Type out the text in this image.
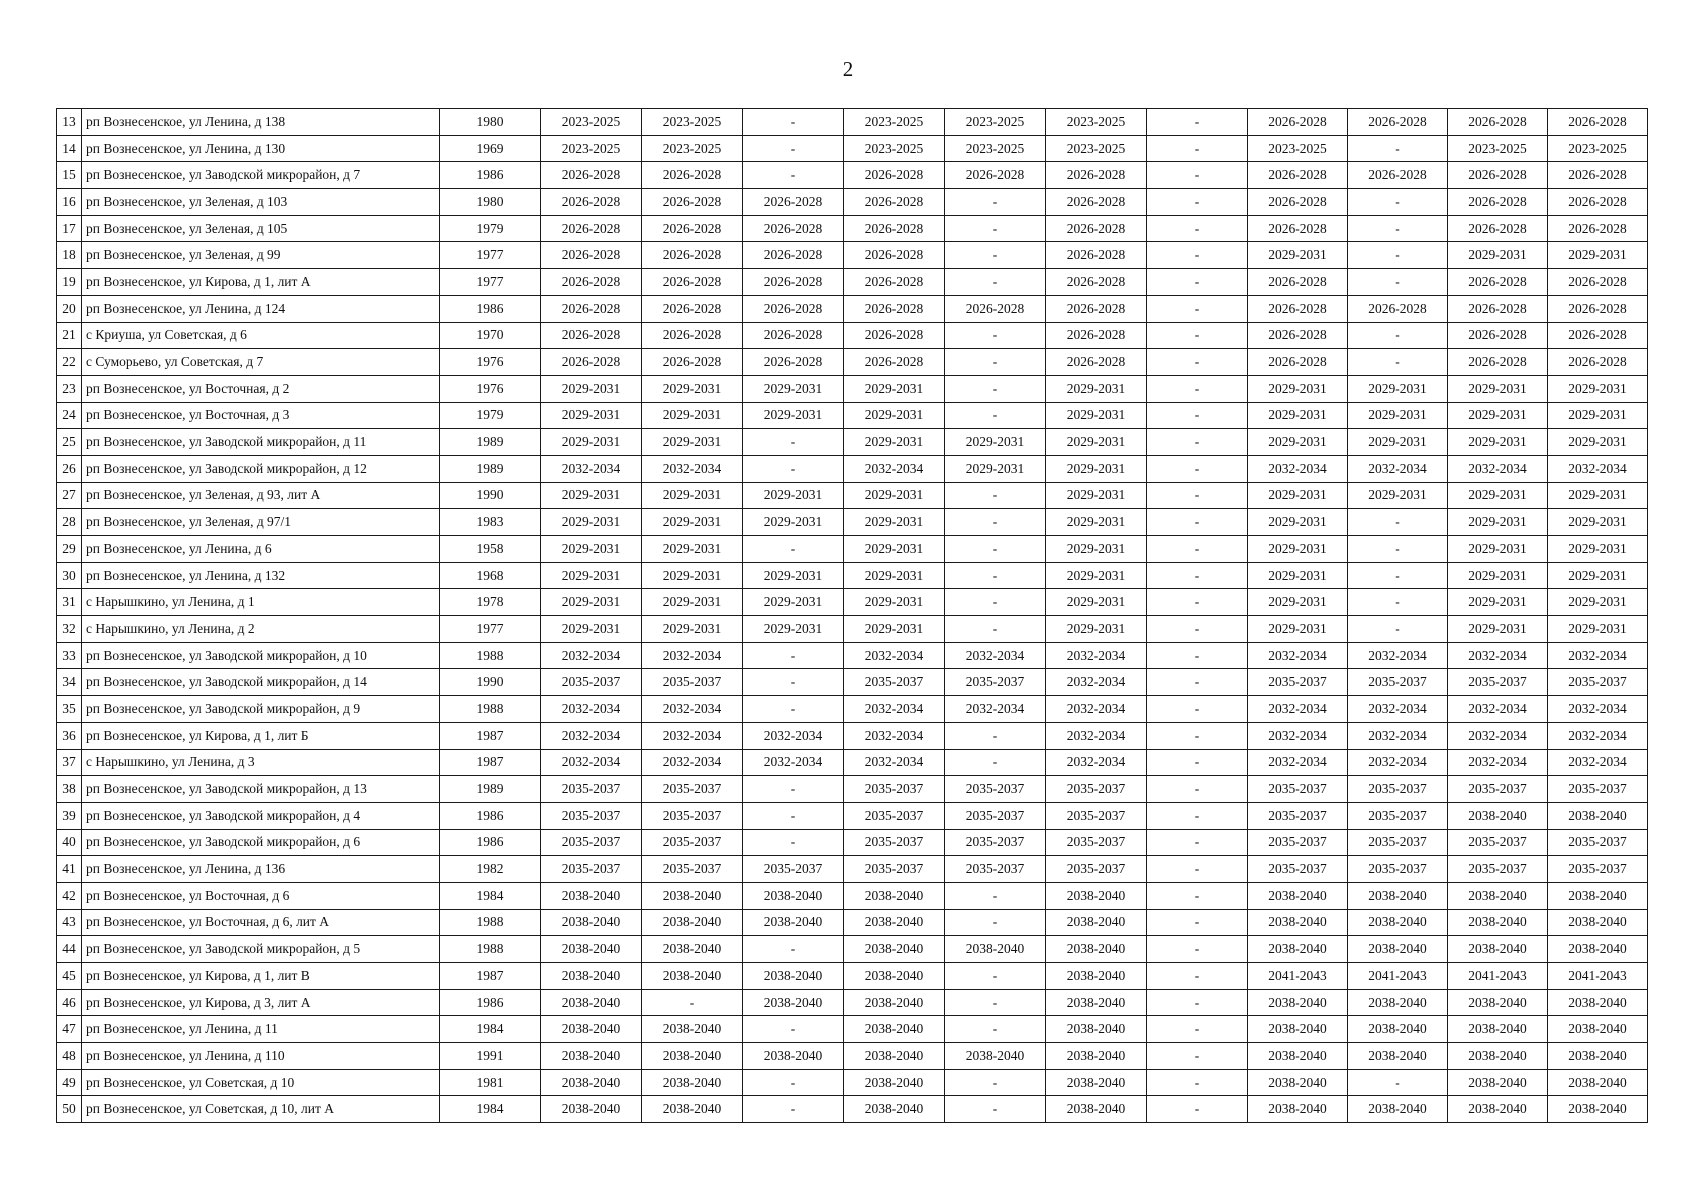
2
13	рп Вознесенское, ул Ленина, д 138	1980	2023-2025	2023-2025	-	2023-2025	2023-2025	2023-2025	-	2026-2028	2026-2028	2026-2028	2026-2028
14	рп Вознесенское, ул Ленина, д 130	1969	2023-2025	2023-2025	-	2023-2025	2023-2025	2023-2025	-	2023-2025	-	2023-2025	2023-2025
15	рп Вознесенское, ул Заводской микрорайон, д 7	1986	2026-2028	2026-2028	-	2026-2028	2026-2028	2026-2028	-	2026-2028	2026-2028	2026-2028	2026-2028
16	рп Вознесенское, ул Зеленая, д 103	1980	2026-2028	2026-2028	2026-2028	2026-2028	-	2026-2028	-	2026-2028	-	2026-2028	2026-2028
17	рп Вознесенское, ул Зеленая, д 105	1979	2026-2028	2026-2028	2026-2028	2026-2028	-	2026-2028	-	2026-2028	-	2026-2028	2026-2028
18	рп Вознесенское, ул Зеленая, д 99	1977	2026-2028	2026-2028	2026-2028	2026-2028	-	2026-2028	-	2029-2031	-	2029-2031	2029-2031
19	рп Вознесенское, ул Кирова, д 1, лит А	1977	2026-2028	2026-2028	2026-2028	2026-2028	-	2026-2028	-	2026-2028	-	2026-2028	2026-2028
20	рп Вознесенское, ул Ленина, д 124	1986	2026-2028	2026-2028	2026-2028	2026-2028	2026-2028	2026-2028	-	2026-2028	2026-2028	2026-2028	2026-2028
21	с Криуша, ул Советская, д 6	1970	2026-2028	2026-2028	2026-2028	2026-2028	-	2026-2028	-	2026-2028	-	2026-2028	2026-2028
22	с Суморьево, ул Советская, д 7	1976	2026-2028	2026-2028	2026-2028	2026-2028	-	2026-2028	-	2026-2028	-	2026-2028	2026-2028
23	рп Вознесенское, ул Восточная, д 2	1976	2029-2031	2029-2031	2029-2031	2029-2031	-	2029-2031	-	2029-2031	2029-2031	2029-2031	2029-2031
24	рп Вознесенское, ул Восточная, д 3	1979	2029-2031	2029-2031	2029-2031	2029-2031	-	2029-2031	-	2029-2031	2029-2031	2029-2031	2029-2031
25	рп Вознесенское, ул Заводской микрорайон, д 11	1989	2029-2031	2029-2031	-	2029-2031	2029-2031	2029-2031	-	2029-2031	2029-2031	2029-2031	2029-2031
26	рп Вознесенское, ул Заводской микрорайон, д 12	1989	2032-2034	2032-2034	-	2032-2034	2029-2031	2029-2031	-	2032-2034	2032-2034	2032-2034	2032-2034
27	рп Вознесенское, ул Зеленая, д 93, лит А	1990	2029-2031	2029-2031	2029-2031	2029-2031	-	2029-2031	-	2029-2031	2029-2031	2029-2031	2029-2031
28	рп Вознесенское, ул Зеленая, д 97/1	1983	2029-2031	2029-2031	2029-2031	2029-2031	-	2029-2031	-	2029-2031	-	2029-2031	2029-2031
29	рп Вознесенское, ул Ленина, д 6	1958	2029-2031	2029-2031	-	2029-2031	-	2029-2031	-	2029-2031	-	2029-2031	2029-2031
30	рп Вознесенское, ул Ленина, д 132	1968	2029-2031	2029-2031	2029-2031	2029-2031	-	2029-2031	-	2029-2031	-	2029-2031	2029-2031
31	с Нарышкино, ул Ленина, д 1	1978	2029-2031	2029-2031	2029-2031	2029-2031	-	2029-2031	-	2029-2031	-	2029-2031	2029-2031
32	с Нарышкино, ул Ленина, д 2	1977	2029-2031	2029-2031	2029-2031	2029-2031	-	2029-2031	-	2029-2031	-	2029-2031	2029-2031
33	рп Вознесенское, ул Заводской микрорайон, д 10	1988	2032-2034	2032-2034	-	2032-2034	2032-2034	2032-2034	-	2032-2034	2032-2034	2032-2034	2032-2034
34	рп Вознесенское, ул Заводской микрорайон, д 14	1990	2035-2037	2035-2037	-	2035-2037	2035-2037	2032-2034	-	2035-2037	2035-2037	2035-2037	2035-2037
35	рп Вознесенское, ул Заводской микрорайон, д 9	1988	2032-2034	2032-2034	-	2032-2034	2032-2034	2032-2034	-	2032-2034	2032-2034	2032-2034	2032-2034
36	рп Вознесенское, ул Кирова, д 1, лит Б	1987	2032-2034	2032-2034	2032-2034	2032-2034	-	2032-2034	-	2032-2034	2032-2034	2032-2034	2032-2034
37	с Нарышкино, ул Ленина, д 3	1987	2032-2034	2032-2034	2032-2034	2032-2034	-	2032-2034	-	2032-2034	2032-2034	2032-2034	2032-2034
38	рп Вознесенское, ул Заводской микрорайон, д 13	1989	2035-2037	2035-2037	-	2035-2037	2035-2037	2035-2037	-	2035-2037	2035-2037	2035-2037	2035-2037
39	рп Вознесенское, ул Заводской микрорайон, д 4	1986	2035-2037	2035-2037	-	2035-2037	2035-2037	2035-2037	-	2035-2037	2035-2037	2038-2040	2038-2040
40	рп Вознесенское, ул Заводской микрорайон, д 6	1986	2035-2037	2035-2037	-	2035-2037	2035-2037	2035-2037	-	2035-2037	2035-2037	2035-2037	2035-2037
41	рп Вознесенское, ул Ленина, д 136	1982	2035-2037	2035-2037	2035-2037	2035-2037	2035-2037	2035-2037	-	2035-2037	2035-2037	2035-2037	2035-2037
42	рп Вознесенское, ул Восточная, д 6	1984	2038-2040	2038-2040	2038-2040	2038-2040	-	2038-2040	-	2038-2040	2038-2040	2038-2040	2038-2040
43	рп Вознесенское, ул Восточная, д 6, лит А	1988	2038-2040	2038-2040	2038-2040	2038-2040	-	2038-2040	-	2038-2040	2038-2040	2038-2040	2038-2040
44	рп Вознесенское, ул Заводской микрорайон, д 5	1988	2038-2040	2038-2040	-	2038-2040	2038-2040	2038-2040	-	2038-2040	2038-2040	2038-2040	2038-2040
45	рп Вознесенское, ул Кирова, д 1, лит В	1987	2038-2040	2038-2040	2038-2040	2038-2040	-	2038-2040	-	2041-2043	2041-2043	2041-2043	2041-2043
46	рп Вознесенское, ул Кирова, д 3, лит А	1986	2038-2040	-	2038-2040	2038-2040	-	2038-2040	-	2038-2040	2038-2040	2038-2040	2038-2040
47	рп Вознесенское, ул Ленина, д 11	1984	2038-2040	2038-2040	-	2038-2040	-	2038-2040	-	2038-2040	2038-2040	2038-2040	2038-2040
48	рп Вознесенское, ул Ленина, д 110	1991	2038-2040	2038-2040	2038-2040	2038-2040	2038-2040	2038-2040	-	2038-2040	2038-2040	2038-2040	2038-2040
49	рп Вознесенское, ул Советская, д 10	1981	2038-2040	2038-2040	-	2038-2040	-	2038-2040	-	2038-2040	-	2038-2040	2038-2040
50	рп Вознесенское, ул Советская, д 10, лит А	1984	2038-2040	2038-2040	-	2038-2040	-	2038-2040	-	2038-2040	2038-2040	2038-2040	2038-2040
